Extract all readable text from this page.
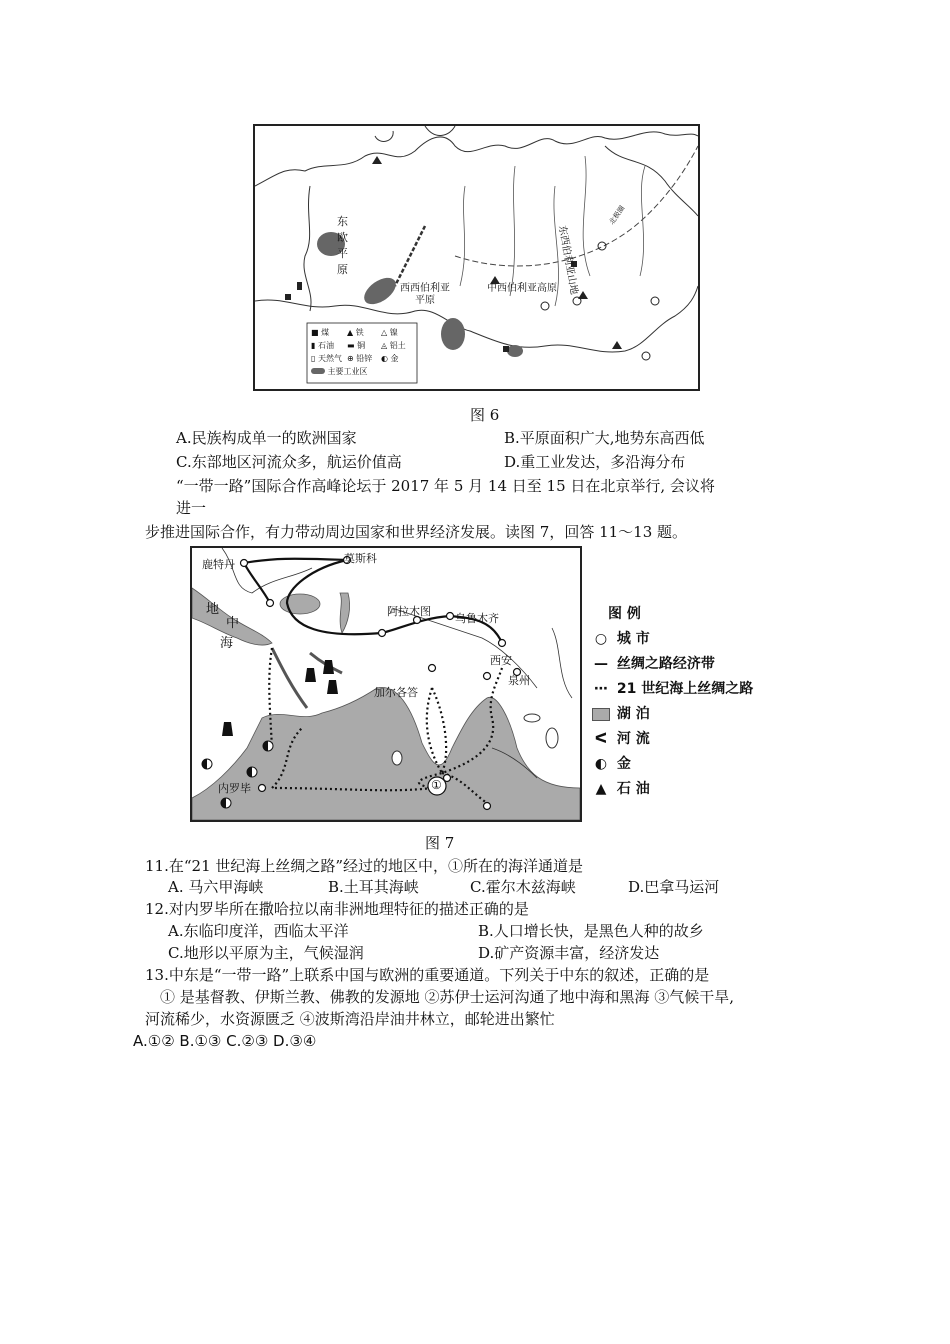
东
欧
平
原
西西伯利亚
平原
中西伯利亚高原 东西伯利亚山地
北极圈
■ 煤 ▲ 铁 △ 镍
▮ 石油 ▬ 铜 ◬ 铝土
▯ 天然气 ⊕ 铅锌 ◐ 金
主要工业区
图 6
A.民族构成单一的欧洲国家	B.平原面积广大,地势东高西低
C.东部地区河流众多，航运价值高	D.重工业发达，多沿海分布
“一带一路”国际合作高峰论坛于 2017 年 5 月 14 日至 15 日在北京举行, 会议将
进一
步推进国际合作，有力带动周边国家和世界经济发展。读图 7，回答 11～13 题。
鹿特丹	莫斯科
阿拉木图
乌鲁木齐
西安
泉州
加尔各答
内罗毕
地
中
海
①
图 例
○ 城 市
— 丝绸之路经济带
⋯ 21 世纪海上丝绸之路
湖 泊
ᐸ 河 流
◐ 金
▲ 石 油
图 7
11.在“21 世纪海上丝绸之路”经过的地区中，①所在的海洋通道是
A. 马六甲海峡	B.土耳其海峡	C.霍尔木兹海峡	D.巴拿马运河
12.对内罗毕所在撒哈拉以南非洲地理特征的描述正确的是
A.东临印度洋，西临太平洋	B.人口增长快，是黑色人种的故乡
C.地形以平原为主，气候湿润	D.矿产资源丰富，经济发达
13.中东是“一带一路”上联系中国与欧洲的重要通道。下列关于中东的叙述，正确的是
① 是基督教、伊斯兰教、佛教的发源地 ②苏伊士运河沟通了地中海和黑海 ③气候干旱,
河流稀少，水资源匮乏 ④波斯湾沿岸油井林立，邮轮进出繁忙
A.①② B.①③ C.②③ D.③④
